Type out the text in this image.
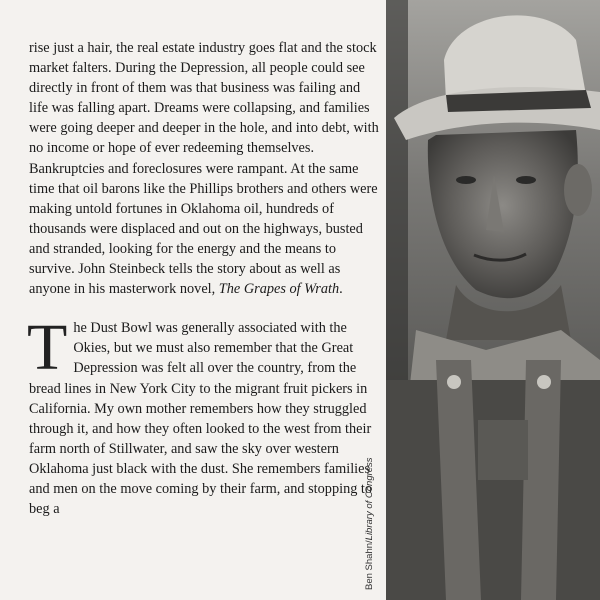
rise just a hair, the real estate industry goes flat and the stock market falters. During the Depression, all people could see directly in front of them was that business was failing and life was falling apart. Dreams were collapsing, and families were going deeper and deeper in the hole, and into debt, with no income or hope of ever redeeming themselves. Bankruptcies and foreclosures were rampant. At the same time that oil barons like the Phillips brothers and others were making untold fortunes in Oklahoma oil, hundreds of thousands were displaced and out on the highways, busted and stranded, looking for the energy and the means to survive. John Steinbeck tells the story about as well as anyone in his masterwork novel, The Grapes of Wrath.

The Dust Bowl was generally associated with the Okies, but we must also remember that the Great Depression was felt all over the country, from the bread lines in New York City to the migrant fruit pickers in California. My own mother remembers how they struggled through it, and how they often looked to the west from their farm north of Stillwater, and saw the sky over western Oklahoma just black with the dust. She remembers families and men on the move coming by their farm, and stopping to beg a

Ben Shahn/Library of Congress
